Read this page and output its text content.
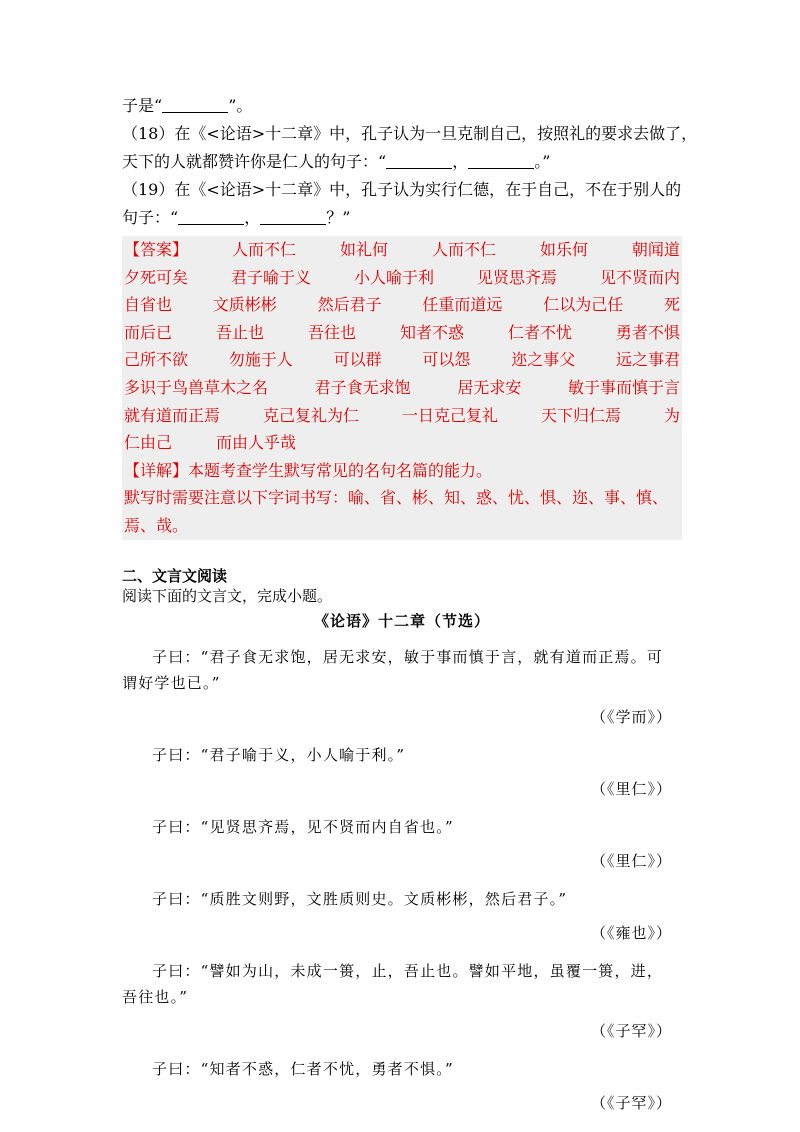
子是“	”。
（18）在《<论语>十二章》中，孔子认为一旦克制自己，按照礼的要求去做了，
天下的人就都赞许你是仁人的句子：“	，	。”
（19）在《<论语>十二章》中，孔子认为实行仁德，在于自己，不在于别人的
句子：“	，	？”
【答案】	人而不仁	如礼何	人而不仁	如乐何	朝闻道
夕死可矣	君子喻于义	小人喻于利	见贤思齐焉	见不贤而内
自省也	文质彬彬	然后君子	任重而道远	仁以为己任	死
而后已	吾止也	吾往也	知者不惑	仁者不忧	勇者不惧
己所不欲	勿施于人	可以群	可以怨	迩之事父	远之事君
多识于鸟兽草木之名	君子食无求饱	居无求安	敏于事而慎于言
就有道而正焉	克己复礼为仁	一日克己复礼	天下归仁焉	为
仁由己	而由人乎哉
【详解】本题考查学生默写常见的名句名篇的能力。
默写时需要注意以下字词书写：喻、省、彬、知、惑、忧、惧、迩、事、慎、
焉、哉。
二、文言文阅读
阅读下面的文言文，完成小题。
《论语》十二章（节选）
子曰：“君子食无求饱，居无求安，敏于事而慎于言，就有道而正焉。可
谓好学也已。”
（《学而》）
子曰：“君子喻于义，小人喻于利。”
（《里仁》）
子曰：“见贤思齐焉，见不贤而内自省也。”
（《里仁》）
子曰：“质胜文则野，文胜质则史。文质彬彬，然后君子。”
（《雍也》）
子曰：“譬如为山，未成一篑，止，吾止也。譬如平地，虽覆一篑，进，
吾往也。”
（《子罕》）
子曰：“知者不惑，仁者不忧，勇者不惧。”
（《子罕》）
